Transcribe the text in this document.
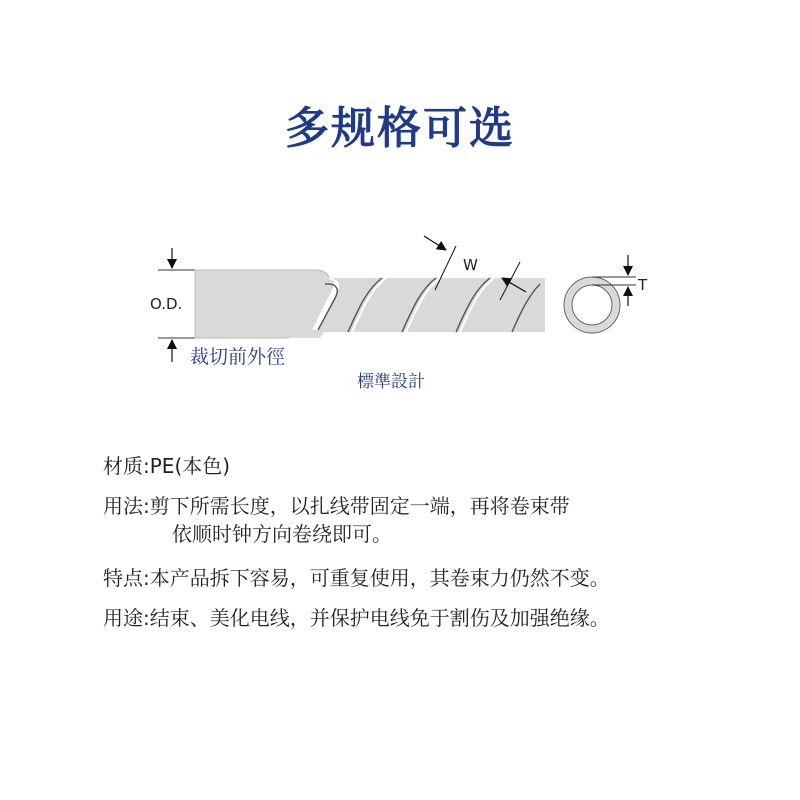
多规格可选
O.D.
W
T
裁切前外徑
標準設計
材质:PE(本色)
用法:剪下所需长度，以扎线带固定一端，再将卷束带
依顺时钟方向卷绕即可。
特点:本产品拆下容易，可重复使用，其卷束力仍然不变。
用途:结束、美化电线，并保护电线免于割伤及加强绝缘。
